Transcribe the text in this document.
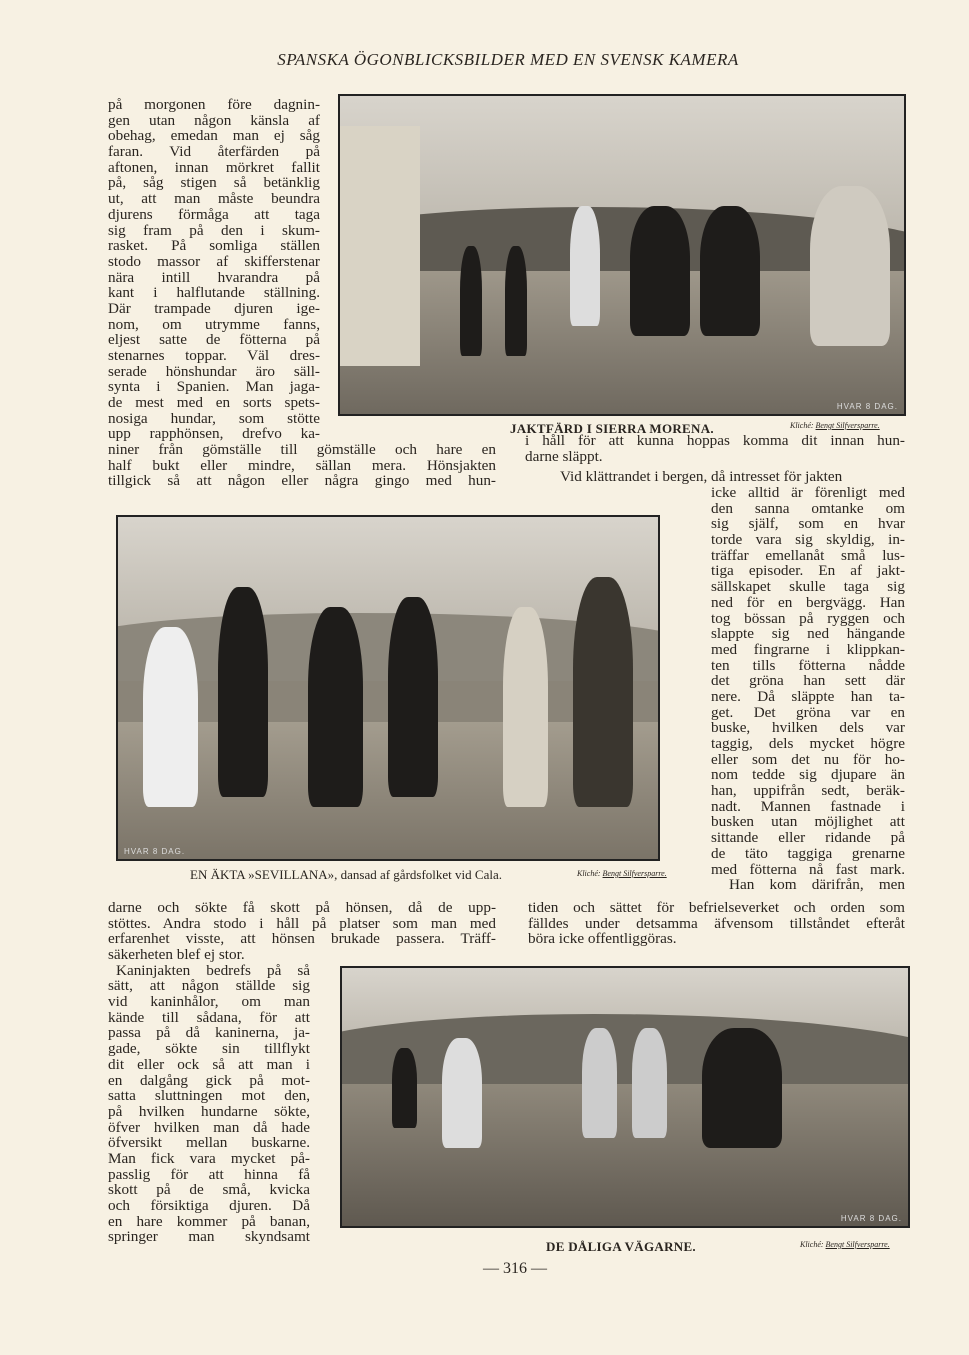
SPANSKA ÖGONBLICKSBILDER MED EN SVENSK KAMERA
på morgonen före dagnin-
gen utan någon känsla af
obehag, emedan man ej såg
faran. Vid återfärden på
aftonen, innan mörkret fallit
på, såg stigen så betänklig
ut, att man måste beundra
djurens förmåga att taga
sig fram på den i skum-
rasket. På somliga ställen
stodo massor af skifferstenar
nära intill hvarandra på
kant i halflutande ställning.
Där trampade djuren ige-
nom, om utrymme fanns,
eljest satte de fötterna på
stenarnes toppar. Väl dres-
serade hönshundar äro säll-
synta i Spanien. Man jaga-
de mest med en sorts spets-
nosiga hundar, som stötte
upp rapphönsen, drefvo ka-
niner från gömställe till gömställe och hare en
half bukt eller mindre, sällan mera. Hönsjakten
tillgick så att någon eller några gingo med hun-
HVAR 8 DAG.
JAKTFÄRD I SIERRA MORENA.	Kliché: Bengt Silfversparre.
i håll för att kunna hoppas komma dit innan hun-
darne släppt.
Vid klättrandet i bergen, då intresset för jakten
icke alltid är förenligt med
den sanna omtanke om
sig själf, som en hvar
torde vara sig skyldig, in-
träffar emellanåt små lus-
tiga episoder. En af jakt-
sällskapet skulle taga sig
ned för en bergvägg. Han
tog bössan på ryggen och
slappte sig ned hängande
med fingrarne i klippkan-
ten tills fötterna nådde
det gröna han sett där
nere. Då släppte han ta-
get. Det gröna var en
buske, hvilken dels var
taggig, dels mycket högre
eller som det nu för ho-
nom tedde sig djupare än
han, uppifrån sedt, beräk-
nadt. Mannen fastnade i
busken utan möjlighet att
sittande eller ridande på
de täto taggiga grenarne
med fötterna nå fast mark.
Han kom därifrån, men
HVAR 8 DAG.
EN ÄKTA »SEVILLANA», dansad af gårdsfolket vid Cala.	Kliché: Bengt Silfversparre.
darne och sökte få skott på hönsen, då de upp-
stöttes. Andra stodo i håll på platser som man med
erfarenhet visste, att hönsen brukade passera. Träff-
tiden och sättet för befrielseverket och orden som
fälldes under detsamma äfvensom tillståndet efteråt
böra icke offentliggöras.
säkerheten blef ej stor.
Kaninjakten bedrefs på så
sätt, att någon ställde sig
vid kaninhålor, om man
kände till sådana, för att
passa på då kaninerna, ja-
gade, sökte sin tillflykt
dit eller ock så att man i
en dalgång gick på mot-
satta sluttningen mot den,
på hvilken hundarne sökte,
öfver hvilken man då hade
öfversikt mellan buskarne.
Man fick vara mycket på-
passlig för att hinna få
skott på de små, kvicka
och försiktiga djuren. Då
en hare kommer på banan,
springer man skyndsamt
HVAR 8 DAG.
DE DÅLIGA VÄGARNE.	Kliché: Bengt Silfversparre.
— 316 —
